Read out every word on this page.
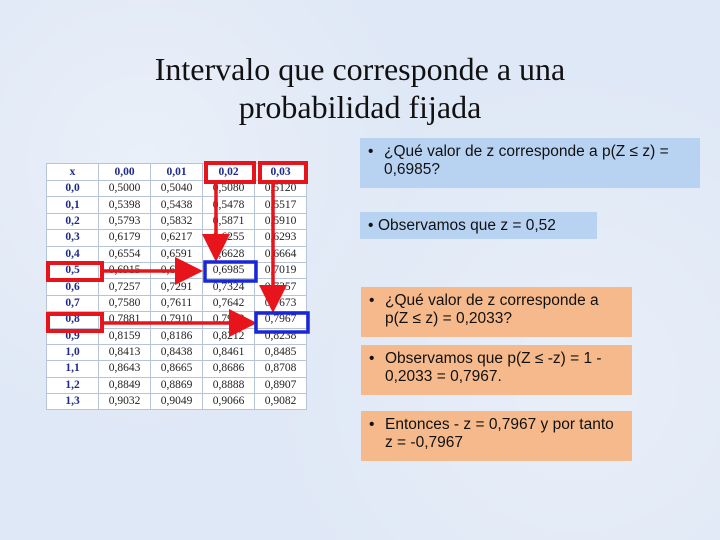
Intervalo que corresponde a una
probabilidad fijada
x	0,00	0,01	0,02	0,03
0,0	0,5000	0,5040	0,5080	0,5120
0,1	0,5398	0,5438	0,5478	0,5517
0,2	0,5793	0,5832	0,5871	0,5910
0,3	0,6179	0,6217	0,6255	0,6293
0,4	0,6554	0,6591	0,6628	0,6664
0,5	0,6915	0,6950	0,6985	0,7019
0,6	0,7257	0,7291	0,7324	0,7357
0,7	0,7580	0,7611	0,7642	0,7673
0,8	0,7881	0,7910	0,7939	0,7967
0,9	0,8159	0,8186	0,8212	0,8238
1,0	0,8413	0,8438	0,8461	0,8485
1,1	0,8643	0,8665	0,8686	0,8708
1,2	0,8849	0,8869	0,8888	0,8907
1,3	0,9032	0,9049	0,9066	0,9082
• ¿Qué valor de z corresponde a p(Z ≤ z) = 0,6985?
• Observamos que z = 0,52
• ¿Qué valor de z corresponde a p(Z ≤ z) = 0,2033?
• Observamos que p(Z ≤ -z) = 1 - 0,2033 = 0,7967.
• Entonces - z = 0,7967 y por tanto z = -0,7967
